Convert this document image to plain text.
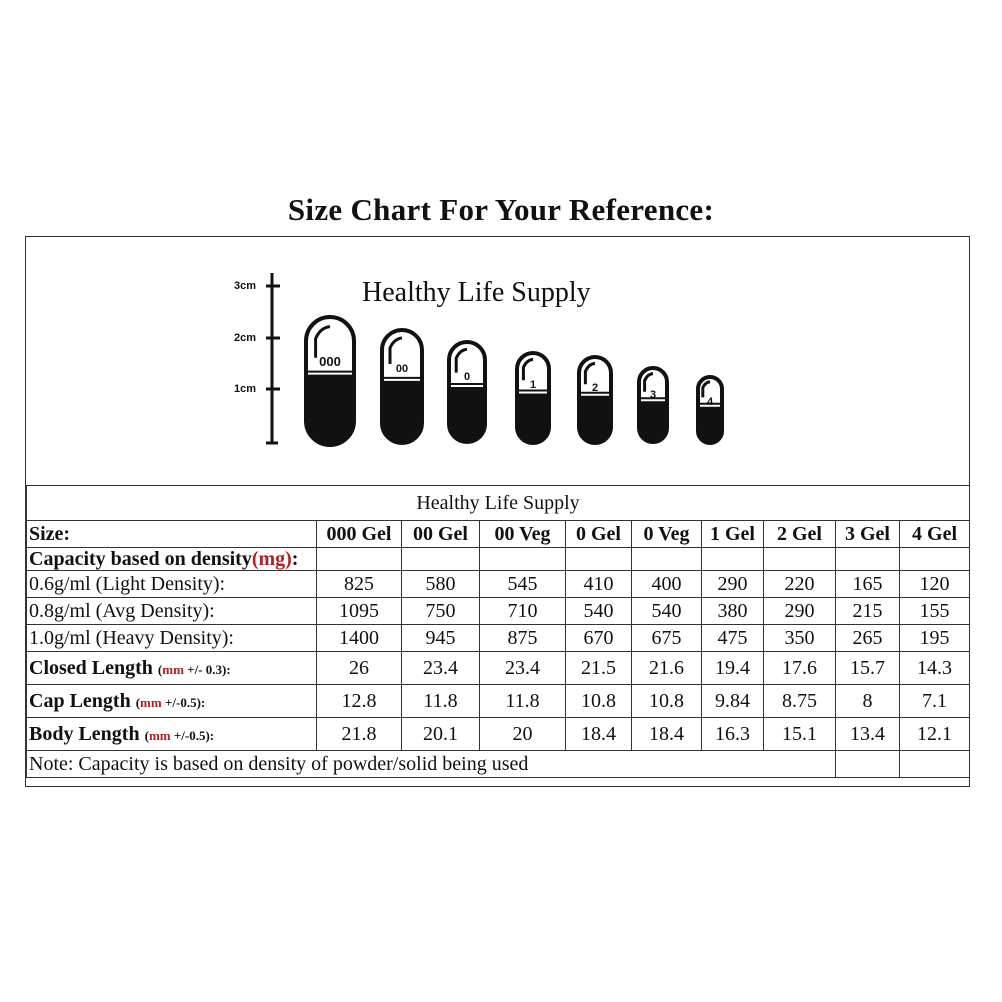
Size Chart For Your Reference:
Healthy Life Supply
3cm
2cm
1cm
000	00
0
1	2
3
4
Healthy Life Supply									
Size:	000 Gel	00 Gel	00 Veg	0 Gel	0 Veg	1 Gel	2 Gel	3 Gel	4 Gel
Capacity based on density(mg):									
0.6g/ml (Light Density):	825	580	545	410	400	290	220	165	120
0.8g/ml (Avg Density):	1095	750	710	540	540	380	290	215	155
1.0g/ml (Heavy Density):	1400	945	875	670	675	475	350	265	195
Closed Length (mm +/- 0.3):	26	23.4	23.4	21.5	21.6	19.4	17.6	15.7	14.3
Cap Length (mm +/-0.5):	12.8	11.8	11.8	10.8	10.8	9.84	8.75	8	7.1
Body Length (mm +/-0.5):	21.8	20.1	20	18.4	18.4	16.3	15.1	13.4	12.1
Note: Capacity is based on density of powder/solid being used									
